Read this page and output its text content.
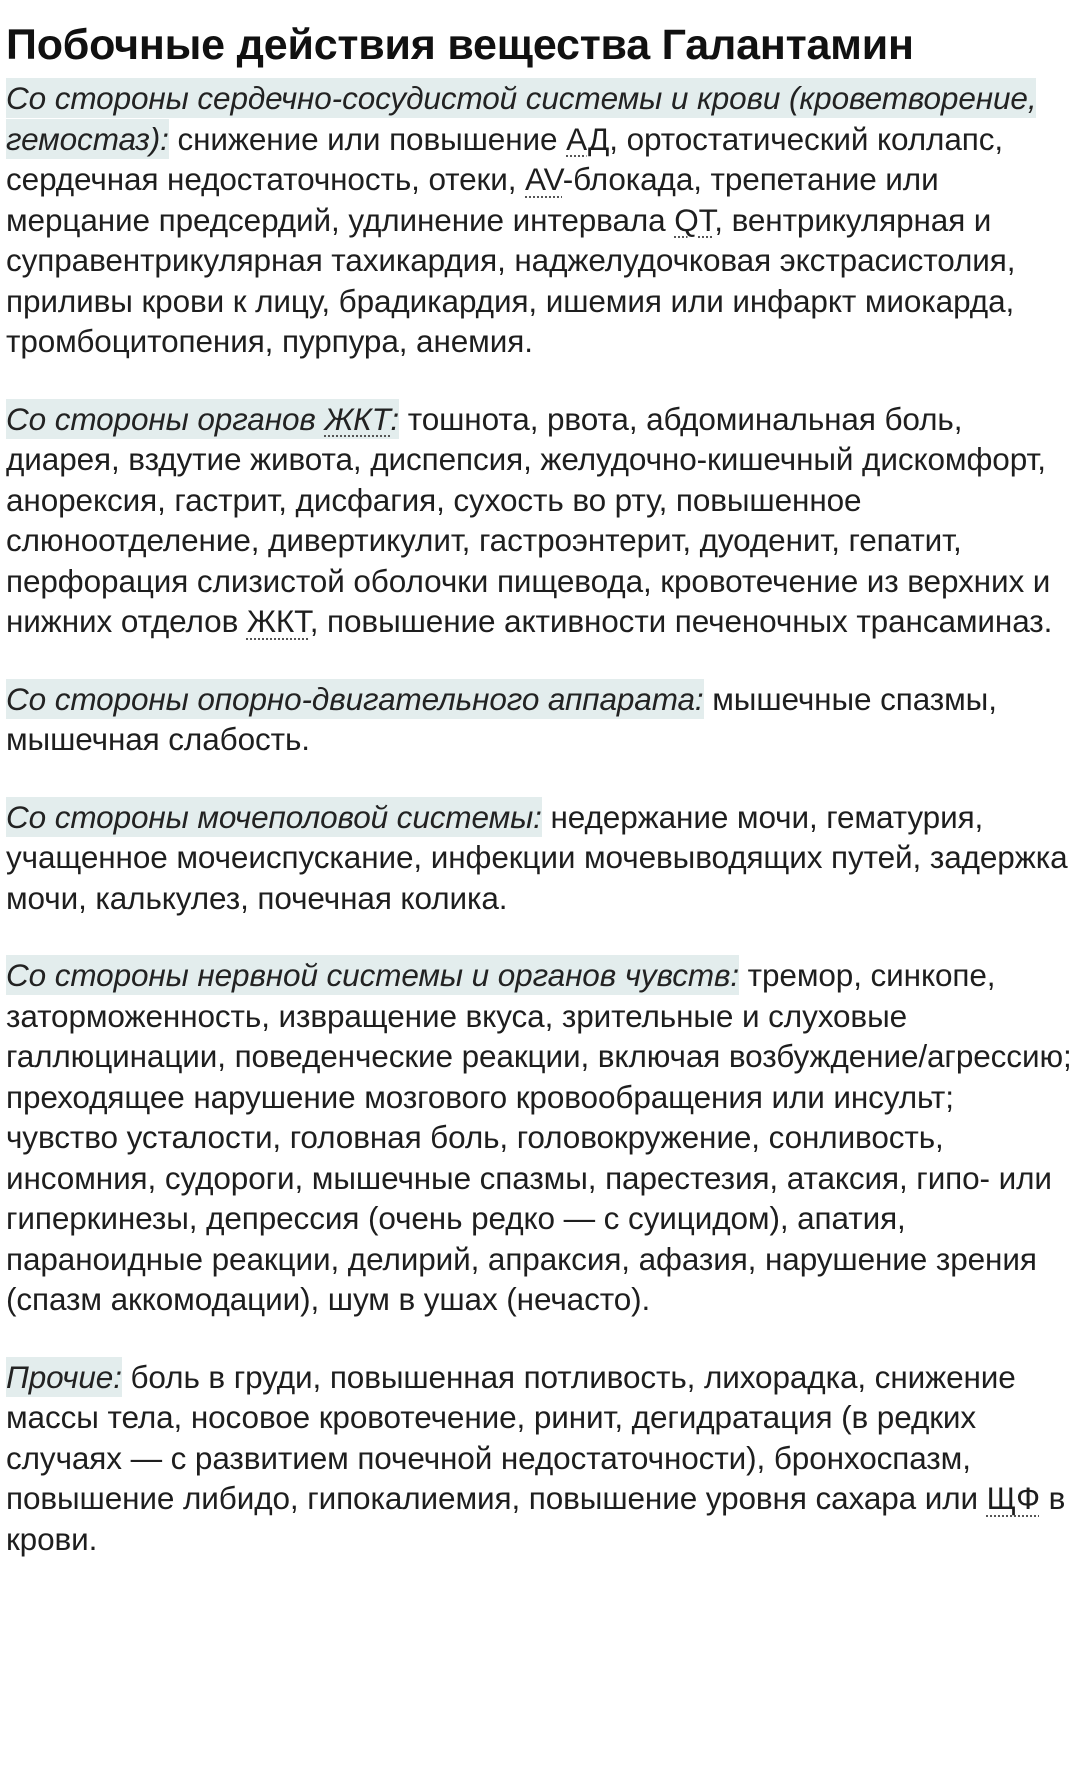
Побочные действия вещества Галантамин

Со стороны сердечно-сосудистой системы и крови (кроветворение, гемостаз): снижение или повышение АД, ортостатический коллапс, сердечная недостаточность, отеки, AV-блокада, трепетание или мерцание предсердий, удлинение интервала QT, вентрикулярная и суправентрикулярная тахикардия, наджелудочковая экстрасистолия, приливы крови к лицу, брадикардия, ишемия или инфаркт миокарда, тромбоцитопения, пурпура, анемия.

Со стороны органов ЖКТ: тошнота, рвота, абдоминальная боль, диарея, вздутие живота, диспепсия, желудочно-кишечный дискомфорт, анорексия, гастрит, дисфагия, сухость во рту, повышенное слюноотделение, дивертикулит, гастроэнтерит, дуоденит, гепатит, перфорация слизистой оболочки пищевода, кровотечение из верхних и нижних отделов ЖКТ, повышение активности печеночных трансаминаз.

Со стороны опорно-двигательного аппарата: мышечные спазмы, мышечная слабость.

Со стороны мочеполовой системы: недержание мочи, гематурия, учащенное мочеиспускание, инфекции мочевыводящих путей, задержка мочи, калькулез, почечная колика.

Со стороны нервной системы и органов чувств: тремор, синкопе, заторможенность, извращение вкуса, зрительные и слуховые галлюцинации, поведенческие реакции, включая возбуждение/агрессию; преходящее нарушение мозгового кровообращения или инсульт; чувство усталости, головная боль, головокружение, сонливость, инсомния, судороги, мышечные спазмы, парестезия, атаксия, гипо- или гиперкинезы, депрессия (очень редко — с суицидом), апатия, параноидные реакции, делирий, апраксия, афазия, нарушение зрения (спазм аккомодации), шум в ушах (нечасто).

Прочие: боль в груди, повышенная потливость, лихорадка, снижение массы тела, носовое кровотечение, ринит, дегидратация (в редких случаях — с развитием почечной недостаточности), бронхоспазм, повышение либидо, гипокалиемия, повышение уровня сахара или ЩФ в крови.
